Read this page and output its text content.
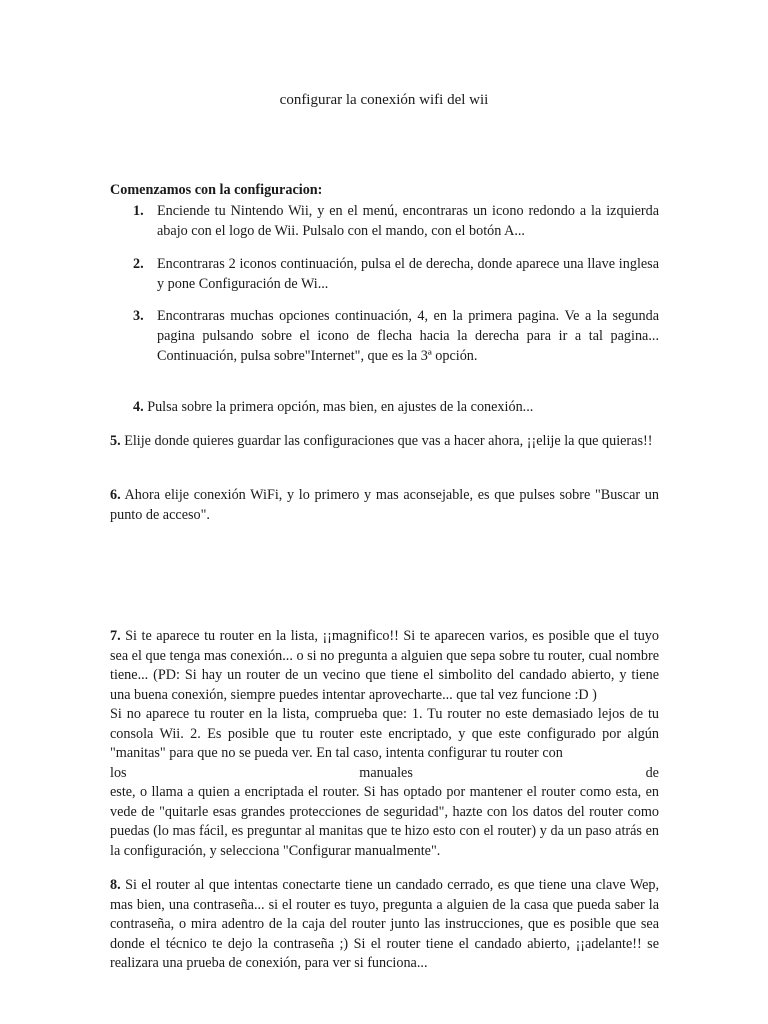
configurar la conexión wifi del wii

Comenzamos con la configuracion:

1. Enciende tu Nintendo Wii, y en el menú, encontraras un icono redondo a la izquierda abajo con el logo de Wii. Pulsalo con el mando, con el botón A...
2. Encontraras 2 iconos continuación, pulsa el de derecha, donde aparece una llave inglesa y pone Configuración de Wi...
3. Encontraras muchas opciones continuación, 4, en la primera pagina. Ve a la segunda pagina pulsando sobre el icono de flecha hacia la derecha para ir a tal pagina... Continuación, pulsa sobre"Internet", que es la 3ª opción.
4. Pulsa sobre la primera opción, mas bien, en ajustes de la conexión...

5. Elije donde quieres guardar las configuraciones que vas a hacer ahora, ¡¡elije la que quieras!!

6. Ahora elije conexión WiFi, y lo primero y mas aconsejable, es que pulses sobre "Buscar un punto de acceso".

7. Si te aparece tu router en la lista, ¡¡magnifico!! Si te aparecen varios, es posible que el tuyo sea el que tenga mas conexión... o si no pregunta a alguien que sepa sobre tu router, cual nombre tiene... (PD: Si hay un router de un vecino que tiene el simbolito del candado abierto, y tiene una buena conexión, siempre puedes intentar aprovecharte... que tal vez funcione :D )
Si no aparece tu router en la lista, comprueba que: 1. Tu router no este demasiado lejos de tu consola Wii. 2. Es posible que tu router este encriptado, y que este configurado por algún "manitas" para que no se pueda ver. En tal caso, intenta configurar tu router con
los	manuales	de
este, o llama a quien a encriptada el router. Si has optado por mantener el router como esta, en vede de "quitarle esas grandes protecciones de seguridad", hazte con los datos del router como puedas (lo mas fácil, es preguntar al manitas que te hizo esto con el router) y da un paso atrás en la configuración, y selecciona "Configurar manualmente".

8. Si el router al que intentas conectarte tiene un candado cerrado, es que tiene una clave Wep, mas bien, una contraseña... si el router es tuyo, pregunta a alguien de la casa que pueda saber la contraseña, o mira adentro de la caja del router junto las instrucciones, que es posible que sea donde el técnico te dejo la contraseña ;) Si el router tiene el candado abierto, ¡¡adelante!! se realizara una prueba de conexión, para ver si funciona...
